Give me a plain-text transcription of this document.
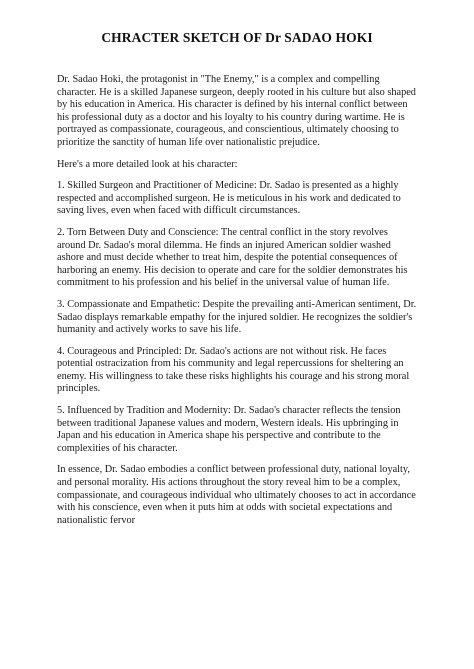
CHRACTER SKETCH OF Dr SADAO HOKI

Dr. Sadao Hoki, the protagonist in "The Enemy," is a complex and compelling character. He is a skilled Japanese surgeon, deeply rooted in his culture but also shaped by his education in America. His character is defined by his internal conflict between his professional duty as a doctor and his loyalty to his country during wartime. He is portrayed as compassionate, courageous, and conscientious, ultimately choosing to prioritize the sanctity of human life over nationalistic prejudice.

Here's a more detailed look at his character:

1. Skilled Surgeon and Practitioner of Medicine: Dr. Sadao is presented as a highly respected and accomplished surgeon. He is meticulous in his work and dedicated to saving lives, even when faced with difficult circumstances.

2. Torn Between Duty and Conscience: The central conflict in the story revolves around Dr. Sadao's moral dilemma. He finds an injured American soldier washed ashore and must decide whether to treat him, despite the potential consequences of harboring an enemy. His decision to operate and care for the soldier demonstrates his commitment to his profession and his belief in the universal value of human life.

3. Compassionate and Empathetic: Despite the prevailing anti-American sentiment, Dr. Sadao displays remarkable empathy for the injured soldier. He recognizes the soldier's humanity and actively works to save his life.

4. Courageous and Principled: Dr. Sadao's actions are not without risk. He faces potential ostracization from his community and legal repercussions for sheltering an enemy. His willingness to take these risks highlights his courage and his strong moral principles.

5. Influenced by Tradition and Modernity: Dr. Sadao's character reflects the tension between traditional Japanese values and modern, Western ideals. His upbringing in Japan and his education in America shape his perspective and contribute to the complexities of his character.

In essence, Dr. Sadao embodies a conflict between professional duty, national loyalty, and personal morality. His actions throughout the story reveal him to be a complex, compassionate, and courageous individual who ultimately chooses to act in accordance with his conscience, even when it puts him at odds with societal expectations and nationalistic fervor
